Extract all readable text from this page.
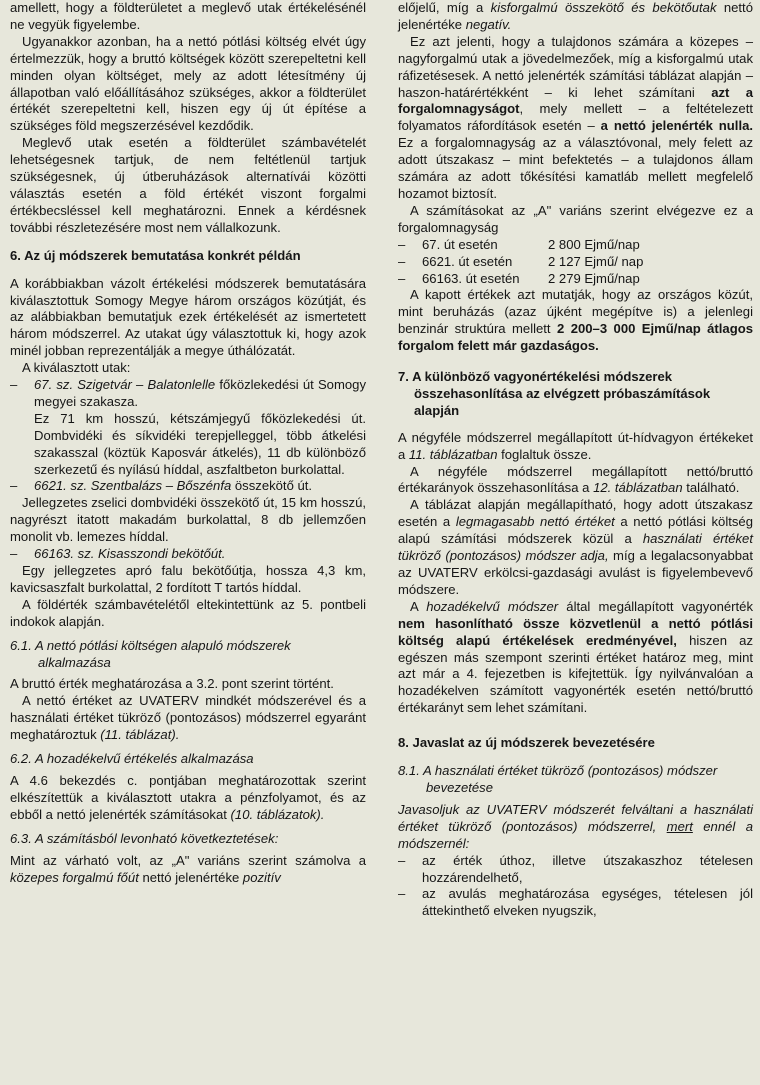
amellett, hogy a földterületet a meglevő utak értékelésénél ne vegyük figyelembe.

Ugyanakkor azonban, ha a nettó pótlási költség elvét úgy értelmezzük, hogy a bruttó költségek között szerepeltetni kell minden olyan költséget, mely az adott létesítmény új állapotban való előállításához szükséges, akkor a földterület értékét szerepeltetni kell, hiszen egy új út építése a szükséges föld megszerzésével kezdődik.

Meglevő utak esetén a földterület számbavételét lehetségesnek tartjuk, de nem feltétlenül tartjuk szükségesnek, új útberuházások alternatívái közötti választás esetén a föld értékét viszont forgalmi értékbecsléssel kell meghatározni. Ennek a kérdésnek további részletezésére most nem vállalkozunk.

6. Az új módszerek bemutatása konkrét példán

A korábbiakban vázolt értékelési módszerek bemutatására kiválasztottuk Somogy Megye három országos közútját, és az alábbiakban bemutatjuk ezek értékelését az ismertetett három módszerrel. Az utakat úgy választottuk ki, hogy azok minél jobban reprezentálják a megye úthálózatát.

A kiválasztott utak:

–	67. sz. Szigetvár – Balatonlelle főközlekedési út Somogy megyei szakasza.

Ez 71 km hosszú, kétszámjegyű főközlekedési út. Dombvidéki és síkvidéki terepjelleggel, több átkelési szakasszal (köztük Kaposvár átkelés), 11 db különböző szerkezetű és nyílású híddal, aszfaltbeton burkolattal.

–	6621. sz. Szentbalázs – Bőszénfa összekötő út.

Jellegzetes zselici dombvidéki összekötő út, 15 km hosszú, nagyrészt itatott makadám burkolattal, 8 db jellemzően monolit vb. lemezes híddal.

–	66163. sz. Kisasszondi bekötőút.

Egy jellegzetes apró falu bekötőútja, hossza 4,3 km, kavicsaszfalt burkolattal, 2 fordított T tartós híddal.

A földérték számbavételétől eltekintettünk az 5. pontbeli indokok alapján.

6.1. A nettó pótlási költségen alapuló módszerek alkalmazása

A bruttó érték meghatározása a 3.2. pont szerint történt.

A nettó értéket az UVATERV mindkét módszerével és a használati értéket tükröző (pontozásos) módszerrel egyaránt meghatároztuk (11. táblázat).

6.2. A hozadékelvű értékelés alkalmazása

A 4.6 bekezdés c. pontjában meghatározottak szerint elkészítettük a kiválasztott utakra a pénzfolyamot, és az ebből a nettó jelenérték számításokat (10. táblázatok).

6.3. A számításból levonható következtetések:

Mint az várható volt, az „A" variáns szerint számolva a közepes forgalmú főút nettó jelenértéke pozitív

előjelű, míg a kisforgalmú összekötő és bekötőutak nettó jelenértéke negatív.

Ez azt jelenti, hogy a tulajdonos számára a közepes – nagyforgalmú utak a jövedelmezőek, míg a kisforgalmú utak ráfizetésesek. A nettó jelenérték számítási táblázat alapján – haszon-határértékként – ki lehet számítani azt a forgalomnagyságot, mely mellett – a feltételezett folyamatos ráfordítások esetén – a nettó jelenérték nulla. Ez a forgalomnagyság az a választóvonal, mely felett az adott útszakasz – mint befektetés – a tulajdonos állam számára az adott tőkésítési kamatláb mellett megfelelő hozamot biztosít.

A számításokat az „A" variáns szerint elvégezve ez a forgalomnagyság

–	67. út esetén	2 800 Ejmű/nap
–	6621. út esetén	2 127 Ejmű/ nap
–	66163. út esetén	2 279 Ejmű/nap

A kapott értékek azt mutatják, hogy az országos közút, mint beruházás (azaz újként megépítve is) a jelenlegi benzinár struktúra mellett 2 200–3 000 Ejmű/nap átlagos forgalom felett már gazdaságos.

7. A különböző vagyonértékelési módszerek összehasonlítása az elvégzett próbaszámítások alapján

A négyféle módszerrel megállapított út-hídvagyon értékeket a 11. táblázatban foglaltuk össze.

A négyféle módszerrel megállapított nettó/bruttó értékarányok összehasonlítása a 12. táblázatban található.

A táblázat alapján megállapítható, hogy adott útszakasz esetén a legmagasabb nettó értéket a nettó pótlási költség alapú számítási módszerek közül a használati értéket tükröző (pontozásos) módszer adja, míg a legalacsonyabbat az UVATERV erkölcsi-gazdasági avulást is figyelembevevő módszere.

A hozadékelvű módszer által megállapított vagyonérték nem hasonlítható össze közvetlenül a nettó pótlási költség alapú értékelések eredményével, hiszen az egészen más szempont szerinti értéket határoz meg, mint azt már a 4. fejezetben is kifejtettük. Így nyilvánvalóan a hozadékelven számított vagyonérték esetén nettó/bruttó értékarányt sem lehet számítani.

8. Javaslat az új módszerek bevezetésére
8.1. A használati értéket tükröző (pontozásos) módszer bevezetése

Javasoljuk az UVATERV módszerét felváltani a használati értéket tükröző (pontozásos) módszerrel, mert ennél a módszernél:

–	az érték úthoz, illetve útszakaszhoz tételesen hozzárendelhető,
–	az avulás meghatározása egységes, tételesen jól áttekinthető elveken nyugszik,
